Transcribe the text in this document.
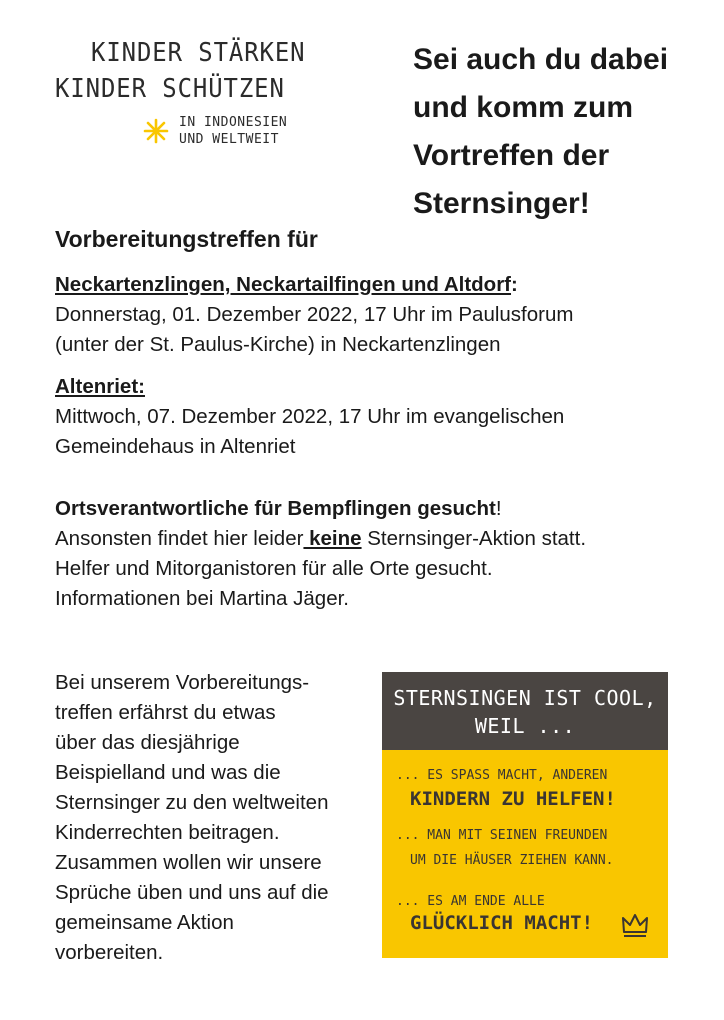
KINDER STÄRKEN
KINDER SCHÜTZEN
IN INDONESIEN
UND WELTWEIT
Sei auch du dabei
und komm zum
Vortreffen der
Sternsinger!
Vorbereitungstreffen für
Neckartenzlingen, Neckartailfingen und Altdorf:
Donnerstag, 01. Dezember 2022, 17 Uhr im Paulusforum
(unter der St. Paulus-Kirche) in Neckartenzlingen
Altenriet:
Mittwoch, 07. Dezember 2022, 17 Uhr im evangelischen
Gemeindehaus in Altenriet
Ortsverantwortliche für Bempflingen gesucht!
Ansonsten findet hier leider keine Sternsinger-Aktion statt.
Helfer und Mitorganistoren für alle Orte gesucht.
Informationen bei Martina Jäger.
Bei unserem Vorbereitungs-
treffen erfährst du etwas
über das diesjährige
Beispielland und was die
Sternsinger zu den weltweiten
Kinderrechten beitragen.
Zusammen wollen wir unsere
Sprüche üben und uns auf die
gemeinsame Aktion
vorbereiten.
STERNSINGEN IST COOL,
WEIL ...
... ES SPASS MACHT, ANDEREN
KINDERN ZU HELFEN!
... MAN MIT SEINEN FREUNDEN
UM DIE HÄUSER ZIEHEN KANN.
... ES AM ENDE ALLE
GLÜCKLICH MACHT!
